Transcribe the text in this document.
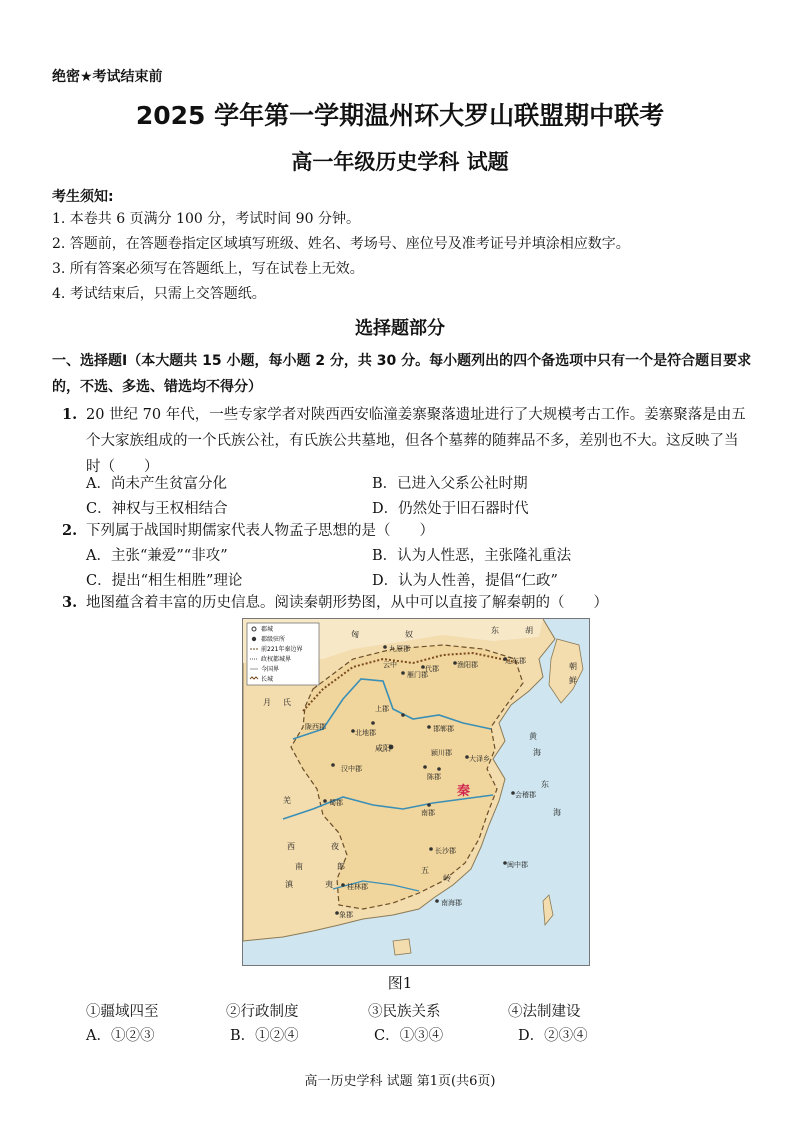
绝密★考试结束前
2025 学年第一学期温州环大罗山联盟期中联考
高一年级历史学科 试题
考生须知:
1. 本卷共 6 页满分 100 分，考试时间 90 分钟。
2. 答题前，在答题卷指定区域填写班级、姓名、考场号、座位号及准考证号并填涂相应数字。
3. 所有答案必须写在答题纸上，写在试卷上无效。
4. 考试结束后，只需上交答题纸。
选择题部分
一、选择题Ⅰ（本大题共 15 小题，每小题 2 分，共 30 分。每小题列出的四个备选项中只有一个是符合题目要求的，不选、多选、错选均不得分）
1. 20 世纪 70 年代，一些专家学者对陕西西安临潼姜寨聚落遗址进行了大规模考古工作。姜寨聚落是由五个大家族组成的一个氏族公社，有氏族公共墓地，但各个墓葬的随葬品不多，差别也不大。这反映了当时（　　）
A．尚未产生贫富分化	B．已进入父系公社时期
C．神权与王权相结合	D．仍然处于旧石器时代
2. 下列属于战国时期儒家代表人物孟子思想的是（　　）
A．主张“兼爱”“非攻”	B．认为人性恶，主张隆礼重法
C．提出“相生相胜”理论	D．认为人性善，提倡“仁政”
3. 地图蕴含着丰富的历史信息。阅读秦朝形势图，从中可以直接了解秦朝的（　　）
郡城
郡级驻所
前221年秦边界
政权都城界
今国界
长城
东	胡
匈	奴
月 氏
九原郡
云中
雁门郡
代郡	渔阳郡	辽东郡
朝
鲜
上郡
邯郸郡
北地郡
咸阳
陇西郡
汉中郡
陈郡
颍川郡
大泽乡
会稽郡
秦
南郡
羌	蜀郡
长沙郡
西
南
夜
郎
滇	夷 桂林郡
象郡
南海郡
闽中郡
五
岭
黄
东
海
海
图1
①疆域四至	②行政制度	③民族关系	④法制建设
A．①②③	B．①②④	C．①③④	D．②③④
高一历史学科 试题 第1页(共6页)
